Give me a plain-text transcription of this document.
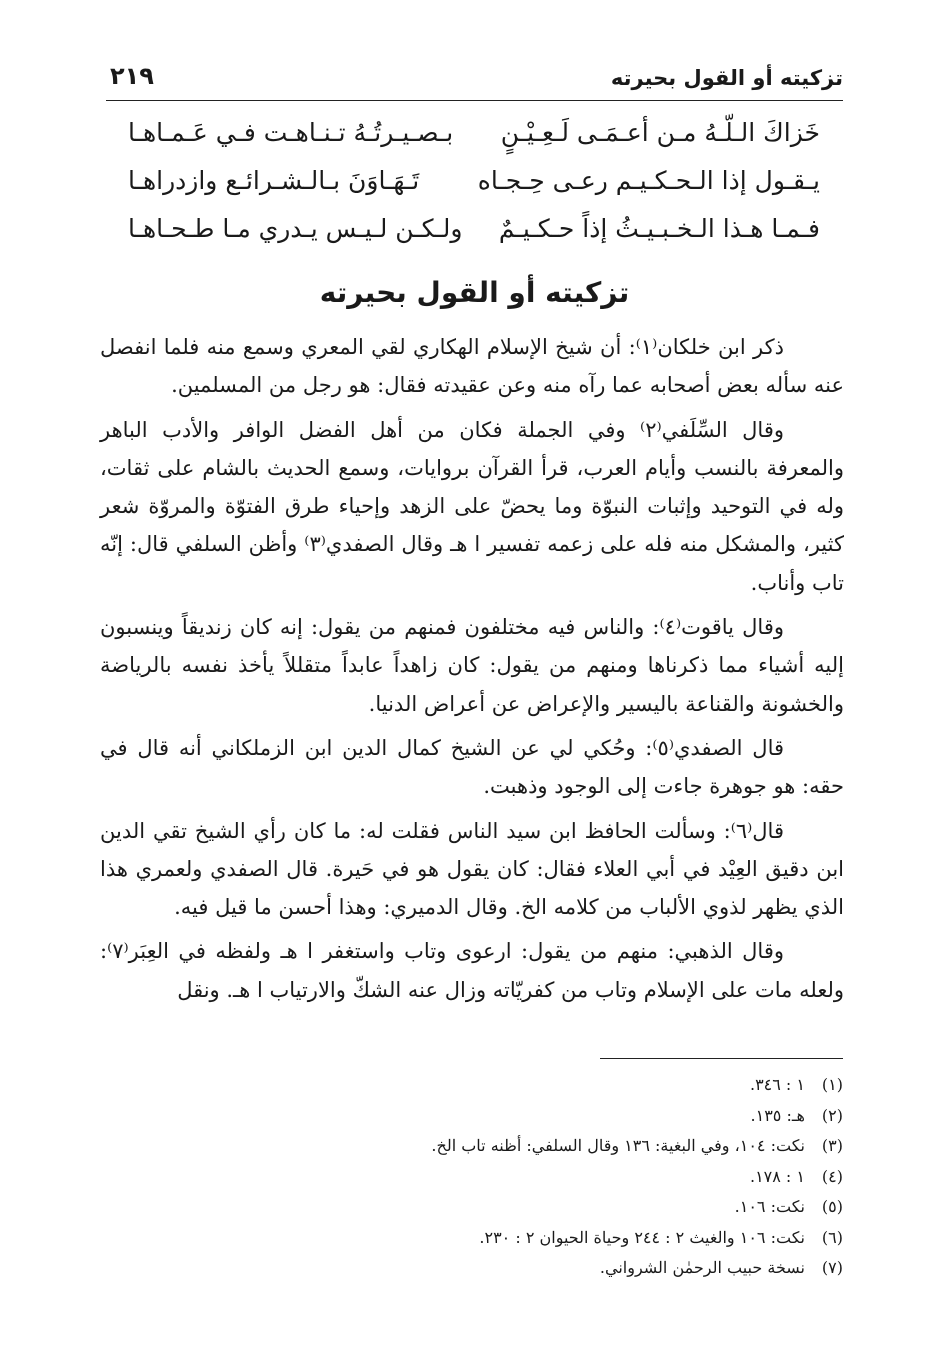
تزكيته أو القول بحيرته
٢١٩
خَزاكَ الـلّـهُ مـن أعـمَـى لَـعِـيْـنٍ
بـصـيـرتُـهُ تـنـاهـت فـي عَـمـاهـا
يـقـول إذا الـحـكـيـم رعـى حِـجـاه
تَـهَـاوَنَ بـالـشـرائـع وازدراهـا
فـمـا هـذا الـخـبـيـثُ إذاً حـكـيـمٌ
ولـكـن لـيـس يـدري مـا طـحـاهـا
تزكيته أو القول بحيرته

ذكر ابن خلكان⁽١⁾: أن شيخ الإسلام الهكاري لقي المعري وسمع منه فلما انفصل عنه سأله بعض أصحابه عما رآه منه وعن عقيدته فقال: هو رجل من المسلمين.

وقال السِّلَفي⁽٢⁾ وفي الجملة فكان من أهل الفضل الوافر والأدب الباهر والمعرفة بالنسب وأيام العرب، قرأ القرآن بروايات، وسمع الحديث بالشام على ثقات، وله في التوحيد وإثبات النبوّة وما يحضّ على الزهد وإحياء طرق الفتوّة والمروّة شعر كثير، والمشكل منه فله على زعمه تفسير ا هـ وقال الصفدي⁽٣⁾ وأظن السلفي قال: إنّه تاب وأناب.

وقال ياقوت⁽٤⁾: والناس فيه مختلفون فمنهم من يقول: إنه كان زنديقاً وينسبون إليه أشياء مما ذكرناها ومنهم من يقول: كان زاهداً عابداً متقللاً يأخذ نفسه بالرياضة والخشونة والقناعة باليسير والإعراض عن أعراض الدنيا.

قال الصفدي⁽٥⁾: وحُكي لي عن الشيخ كمال الدين ابن الزملكاني أنه قال في حقه: هو جوهرة جاءت إلى الوجود وذهبت.

قال⁽٦⁾: وسألت الحافظ ابن سيد الناس فقلت له: ما كان رأي الشيخ تقي الدين ابن دقيق العِيْد في أبي العلاء فقال: كان يقول هو في حَيرة. قال الصفدي ولعمري هذا الذي يظهر لذوي الألباب من كلامه الخ. وقال الدميري: وهذا أحسن ما قيل فيه.

وقال الذهبي: منهم من يقول: ارعوى وتاب واستغفر ا هـ ولفظه في العِبَر⁽٧⁾: ولعله مات على الإسلام وتاب من كفريّاته وزال عنه الشكّ والارتياب ا هـ. ونقل

(١)١ : ٣٤٦.
(٢)هـ: ١٣٥.
(٣)نكت: ١٠٤، وفي البغية: ١٣٦ وقال السلفي: أظنه تاب الخ.
(٤)١ : ١٧٨.
(٥)نكت: ١٠٦.
(٦)نكت: ١٠٦ والغيث ٢ : ٢٤٤ وحياة الحيوان ٢ : ٢٣٠.
(٧)نسخة حبيب الرحمٰن الشرواني.
